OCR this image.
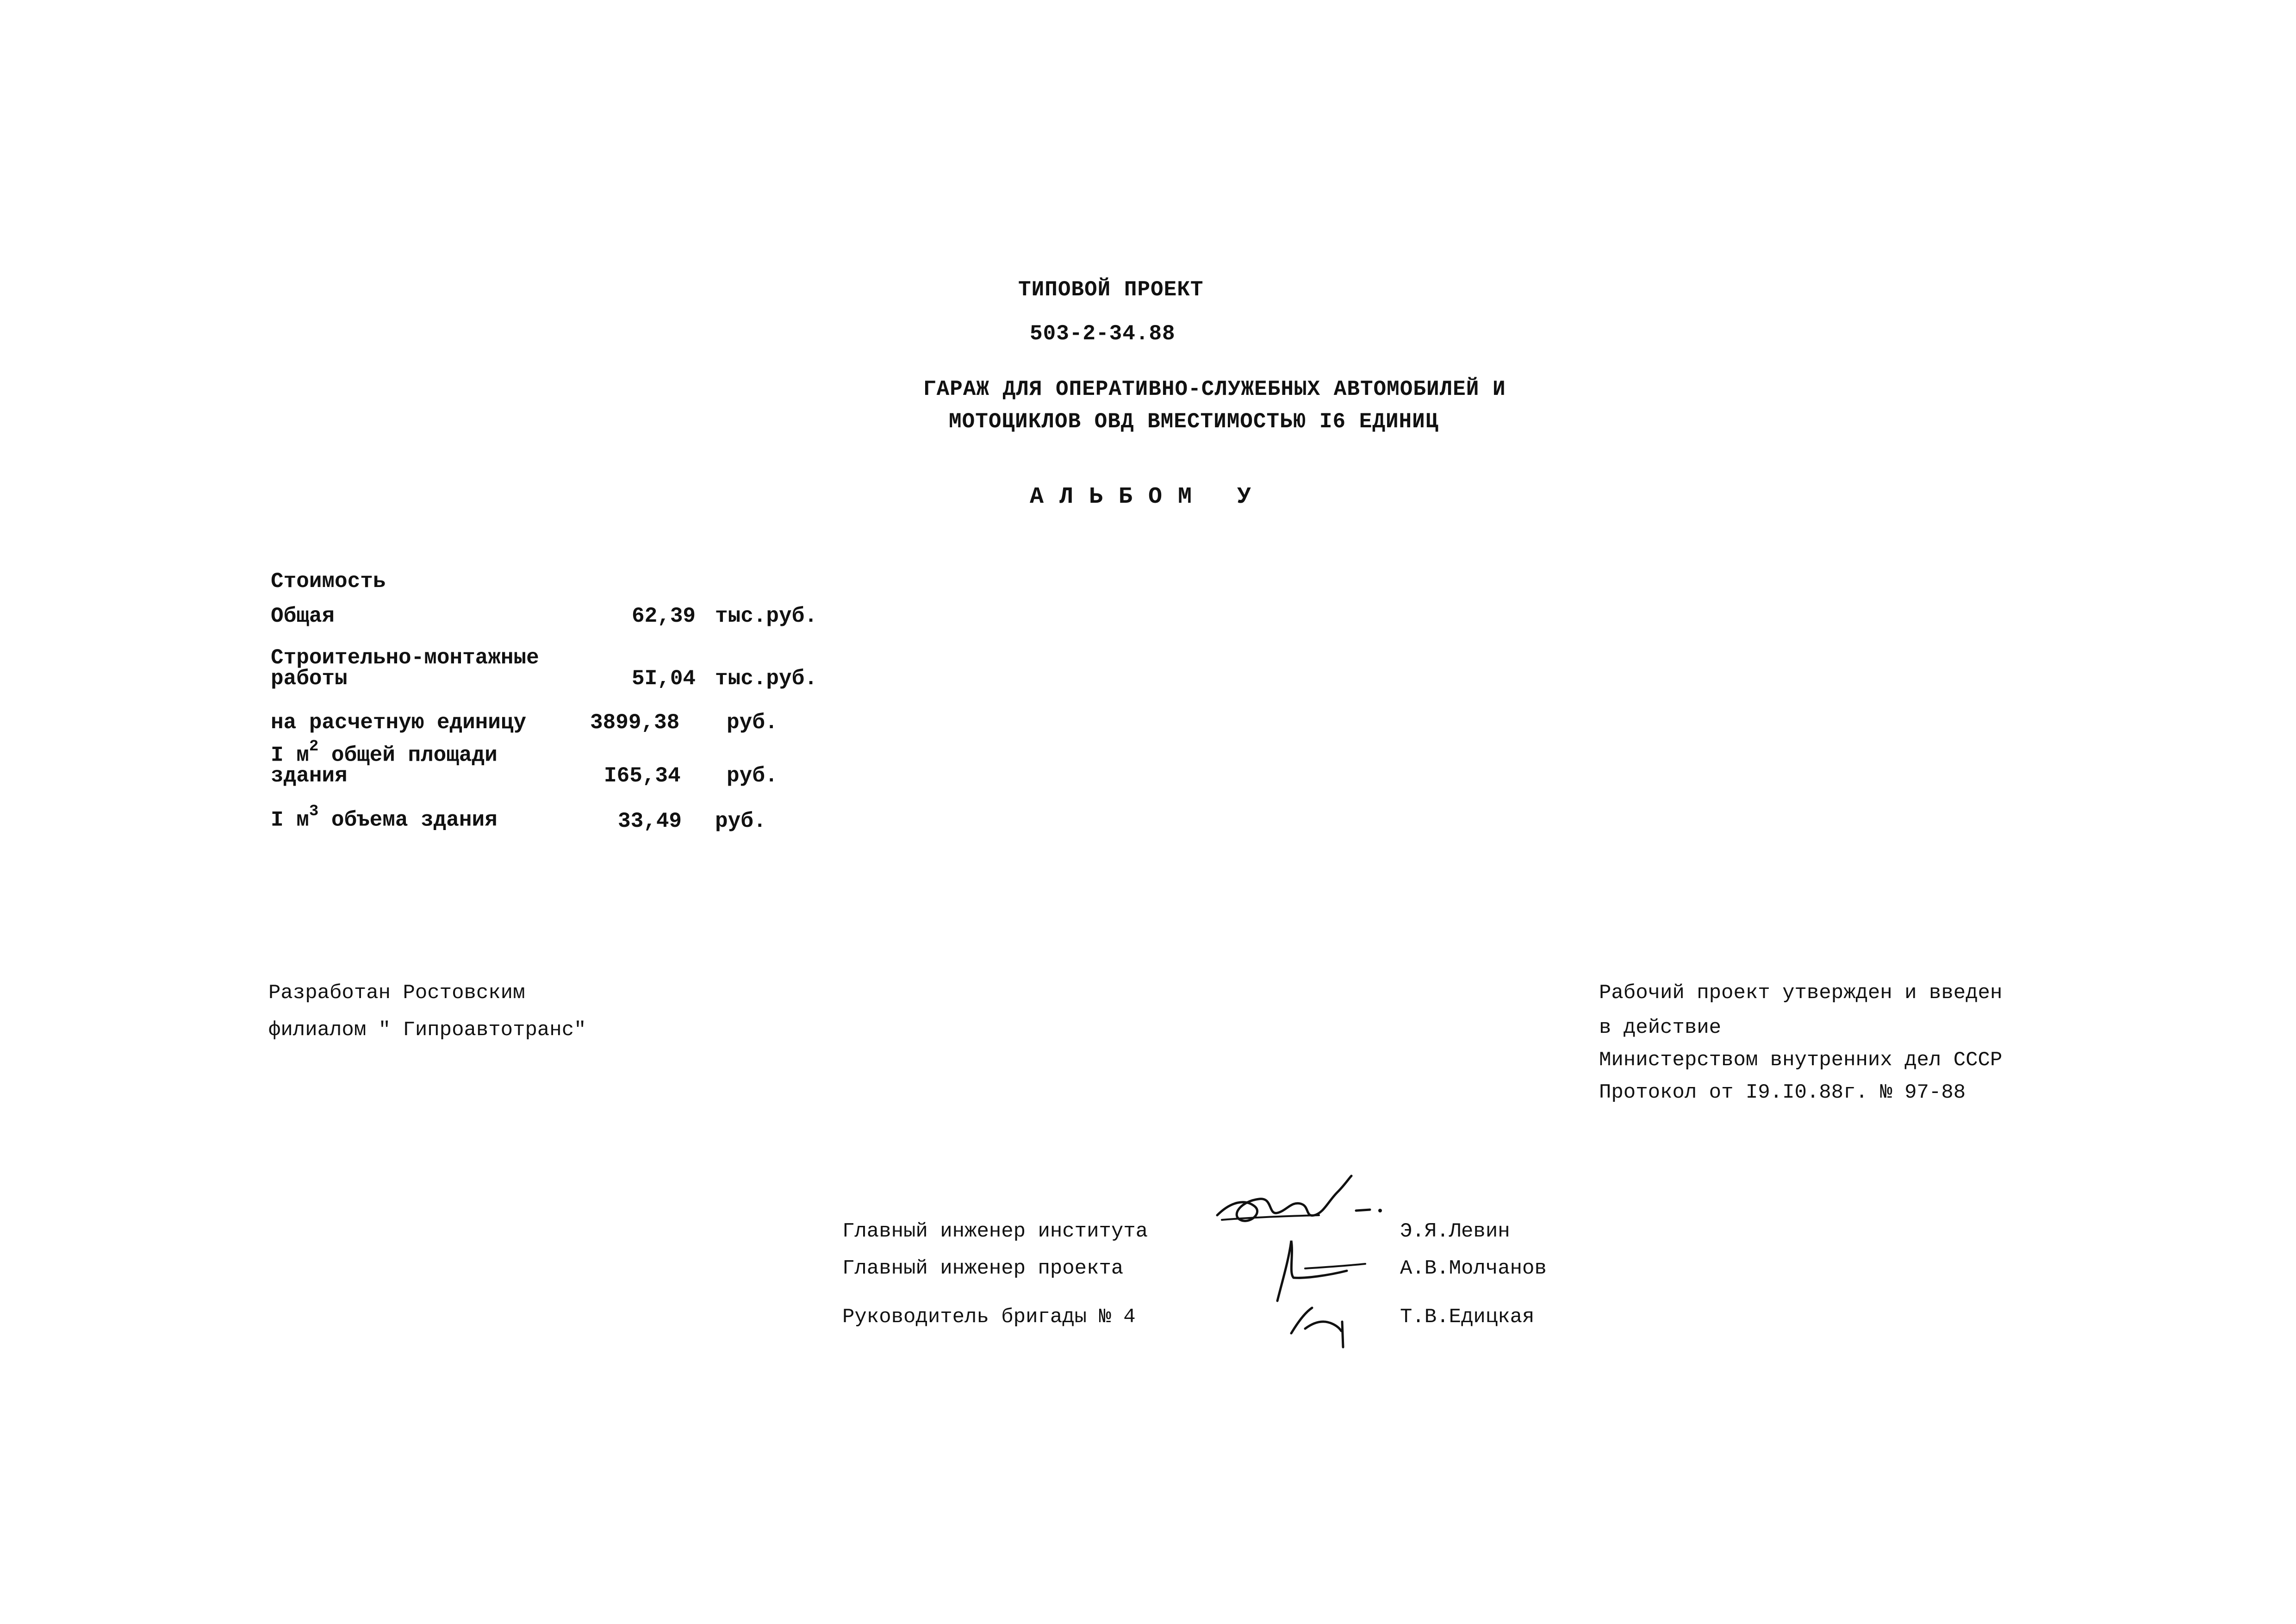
ТИПОВОЙ ПРОЕКТ
503-2-34.88
ГАРАЖ ДЛЯ ОПЕРАТИВНО-СЛУЖЕБНЫХ АВТОМОБИЛЕЙ И
МОТОЦИКЛОВ ОВД ВМЕСТИМОСТЬЮ I6 ЕДИНИЦ
АЛЬБОМ У
Стоимость
Общая	62,39 тыс.руб.
Строительно-монтажные
работы	5I,04 тыс.руб.
на расчетную единицу	3899,38 руб.
I $м^2$ общей площади
здания	I65,34 руб.
I $м^3$ объема здания	33,49 руб.
Разработан Ростовским
филиалом " Гипроавтотранс"
Рабочий проект утвержден и введен
в действие
Министерством внутренних дел СССР
Протокол от I9.I0.88г. № 97-88
Главный инженер института	Э.Я.Левин
Главный инженер проекта	А.В.Молчанов
Руководитель бригады № 4	Т.В.Едицкая
